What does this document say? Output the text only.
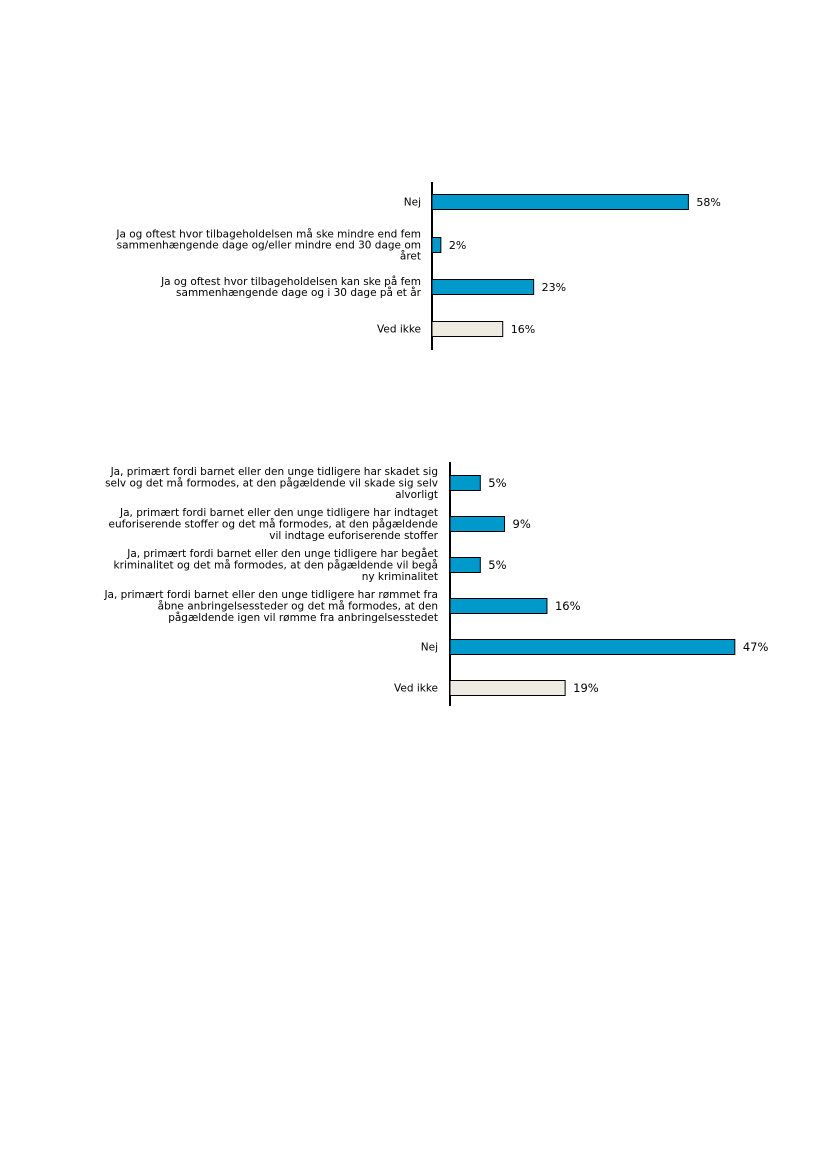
58%
Nej
2%
Ja og oftest hvor tilbageholdelsen må ske mindre end fem sammenhængende dage og/eller mindre end 30 dage om året
23%
Ja og oftest hvor tilbageholdelsen kan ske på fem sammenhængende dage og i 30 dage på et år
16%
Ved ikke
5%
Ja, primært fordi barnet eller den unge tidligere har skadet sig selv og det må formodes, at den pågældende vil skade sig selv alvorligt
9%
Ja, primært fordi barnet eller den unge tidligere har indtaget euforiserende stoffer og det må formodes, at den pågældende vil indtage euforiserende stoffer
5%
Ja, primært fordi barnet eller den unge tidligere har begået kriminalitet og det må formodes, at den pågældende vil begå ny kriminalitet
16%
Ja, primært fordi barnet eller den unge tidligere har rømmet fra åbne anbringelsessteder og det må formodes, at den pågældende igen vil rømme fra anbringelsesstedet
47%
Nej
19%
Ved ikke
